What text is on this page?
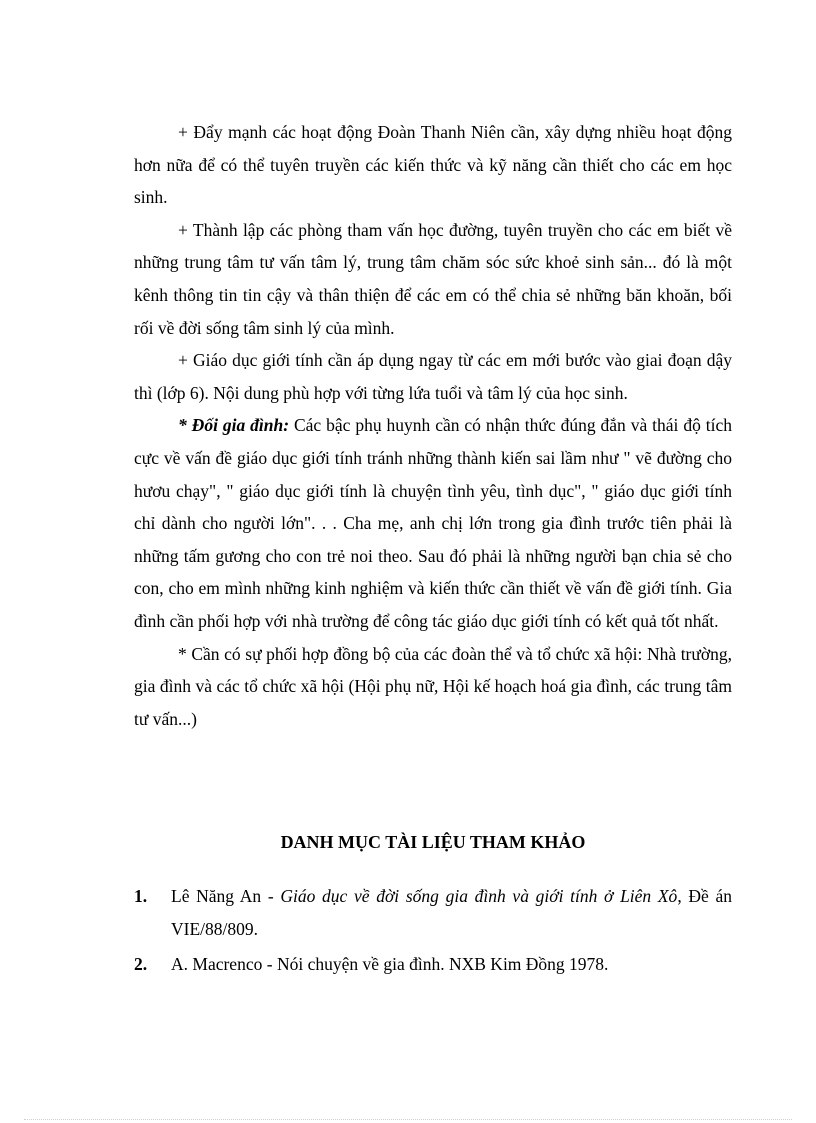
+ Đẩy mạnh các hoạt động Đoàn Thanh Niên cần, xây dựng nhiều hoạt động hơn nữa để có thể tuyên truyền các kiến thức và kỹ năng cần thiết cho các em học sinh.

+ Thành lập các phòng tham vấn học đường, tuyên truyền cho các em biết về những trung tâm tư vấn tâm lý, trung tâm chăm sóc sức khoẻ sinh sản... đó là một kênh thông tin tin cậy và thân thiện để các em có thể chia sẻ những băn khoăn, bối rối về đời sống tâm sinh lý của mình.

+ Giáo dục giới tính cần áp dụng ngay từ các em mới bước vào giai đoạn dậy thì (lớp 6). Nội dung phù hợp với từng lứa tuổi và tâm lý của học sinh.

* Đối gia đình: Các bậc phụ huynh cần có nhận thức đúng đắn và thái độ tích cực về vấn đề giáo dục giới tính tránh những thành kiến sai lầm như " vẽ đường cho hươu chạy", " giáo dục giới tính là chuyện tình yêu, tình dục", " giáo dục giới tính chỉ dành cho người lớn". . . Cha mẹ, anh chị lớn trong gia đình trước tiên phải là những tấm gương cho con trẻ noi theo. Sau đó phải là những người bạn chia sẻ cho con, cho em mình những kinh nghiệm và kiến thức cần thiết về vấn đề giới tính. Gia đình cần phối hợp với nhà trường để công tác giáo dục giới tính có kết quả tốt nhất.

* Cần có sự phối hợp đồng bộ của các đoàn thể và tổ chức xã hội: Nhà trường, gia đình và các tổ chức xã hội (Hội phụ nữ, Hội kế hoạch hoá gia đình, các trung tâm tư vấn...)

DANH MỤC TÀI LIỆU THAM KHẢO
1. Lê Năng An - Giáo dục về đời sống gia đình và giới tính ở Liên Xô, Đề án VIE/88/809.
2. A. Macrenco - Nói chuyện về gia đình. NXB Kim Đồng 1978.
